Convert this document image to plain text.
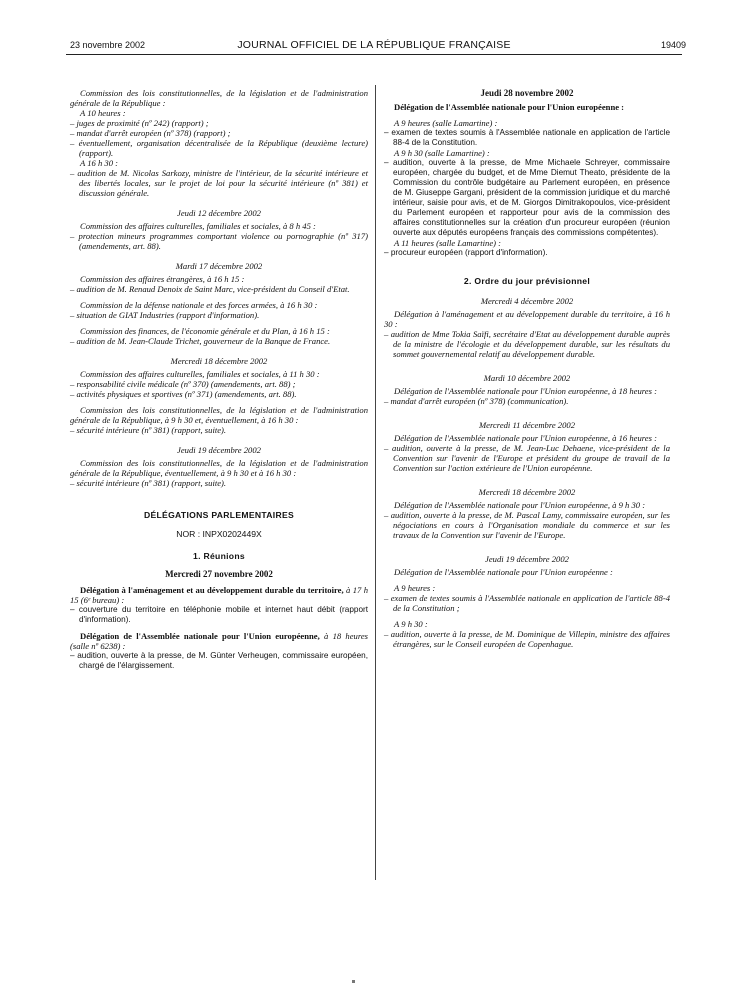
23 novembre 2002	JOURNAL OFFICIEL DE LA RÉPUBLIQUE FRANÇAISE	19409
Commission des lois constitutionnelles, de la législation et de l'administration générale de la République :
A 10 heures :
– juges de proximité (nº 242) (rapport) ;
– mandat d'arrêt européen (nº 378) (rapport) ;
– éventuellement, organisation décentralisée de la République (deuxième lecture) (rapport).
A 16 h 30 :
– audition de M. Nicolas Sarkozy, ministre de l'intérieur, de la sécurité intérieure et des libertés locales, sur le projet de loi pour la sécurité intérieure (nº 381) et discussion générale.
Jeudi 12 décembre 2002
Commission des affaires culturelles, familiales et sociales, à 8 h 45 :
– protection mineurs programmes comportant violence ou pornographie (nº 317) (amendements, art. 88).
Mardi 17 décembre 2002
Commission des affaires étrangères, à 16 h 15 :
– audition de M. Renaud Denoix de Saint Marc, vice-président du Conseil d'Etat.
Commission de la défense nationale et des forces armées, à 16 h 30 :
– situation de GIAT Industries (rapport d'information).
Commission des finances, de l'économie générale et du Plan, à 16 h 15 :
– audition de M. Jean-Claude Trichet, gouverneur de la Banque de France.
Mercredi 18 décembre 2002
Commission des affaires culturelles, familiales et sociales, à 11 h 30 :
– responsabilité civile médicale (nº 370) (amendements, art. 88) ;
– activités physiques et sportives (nº 371) (amendements, art. 88).
Commission des lois constitutionnelles, de la législation et de l'administration générale de la République, à 9 h 30 et, éventuellement, à 16 h 30 :
– sécurité intérieure (nº 381) (rapport, suite).
Jeudi 19 décembre 2002
Commission des lois constitutionnelles, de la législation et de l'administration générale de la République, éventuellement, à 9 h 30 et à 16 h 30 :
– sécurité intérieure (nº 381) (rapport, suite).
DÉLÉGATIONS PARLEMENTAIRES
NOR : INPX0202449X
1. Réunions
Mercredi 27 novembre 2002
Délégation à l'aménagement et au développement durable du territoire, à 17 h 15 (6ᵉ bureau) :
– couverture du territoire en téléphonie mobile et internet haut débit (rapport d'information).
Délégation de l'Assemblée nationale pour l'Union européenne, à 18 heures (salle nº 6238) :
– audition, ouverte à la presse, de M. Günter Verheugen, commissaire européen, chargé de l'élargissement.
Jeudi 28 novembre 2002
Délégation de l'Assemblée nationale pour l'Union européenne :
A 9 heures (salle Lamartine) :
– examen de textes soumis à l'Assemblée nationale en application de l'article 88-4 de la Constitution.
A 9 h 30 (salle Lamartine) :
– audition, ouverte à la presse, de Mme Michaele Schreyer, commissaire européen, chargée du budget, et de Mme Diemut Theato, présidente de la Commission du contrôle budgétaire au Parlement européen, en présence de M. Giuseppe Gargani, président de la commission juridique et du marché intérieur, saisie pour avis, et de M. Giorgos Dimitrakopoulos, vice-président du Parlement européen et rapporteur pour avis de la commission des affaires constitutionnelles sur la création d'un procureur européen (réunion ouverte aux députés européens français des commissions compétentes).
A 11 heures (salle Lamartine) :
– procureur européen (rapport d'information).
2. Ordre du jour prévisionnel
Mercredi 4 décembre 2002
Délégation à l'aménagement et au développement durable du territoire, à 16 h 30 :
– audition de Mme Tokia Saïfi, secrétaire d'Etat au développement durable auprès de la ministre de l'écologie et du développement durable, sur les résultats du sommet gouvernemental relatif au développement durable.
Mardi 10 décembre 2002
Délégation de l'Assemblée nationale pour l'Union européenne, à 18 heures :
– mandat d'arrêt européen (nº 378) (communication).
Mercredi 11 décembre 2002
Délégation de l'Assemblée nationale pour l'Union européenne, à 16 heures :
– audition, ouverte à la presse, de M. Jean-Luc Dehaene, vice-président de la Convention sur l'avenir de l'Europe et président du groupe de travail de la Convention sur l'action extérieure de l'Union européenne.
Mercredi 18 décembre 2002
Délégation de l'Assemblée nationale pour l'Union européenne, à 9 h 30 :
– audition, ouverte à la presse, de M. Pascal Lamy, commissaire européen, sur les négociations en cours à l'Organisation mondiale du commerce et sur les travaux de la Convention sur l'avenir de l'Europe.
Jeudi 19 décembre 2002
Délégation de l'Assemblée nationale pour l'Union européenne :
A 9 heures :
– examen de textes soumis à l'Assemblée nationale en application de l'article 88-4 de la Constitution ;
A 9 h 30 :
– audition, ouverte à la presse, de M. Dominique de Villepin, ministre des affaires étrangères, sur le Conseil européen de Copenhague.
